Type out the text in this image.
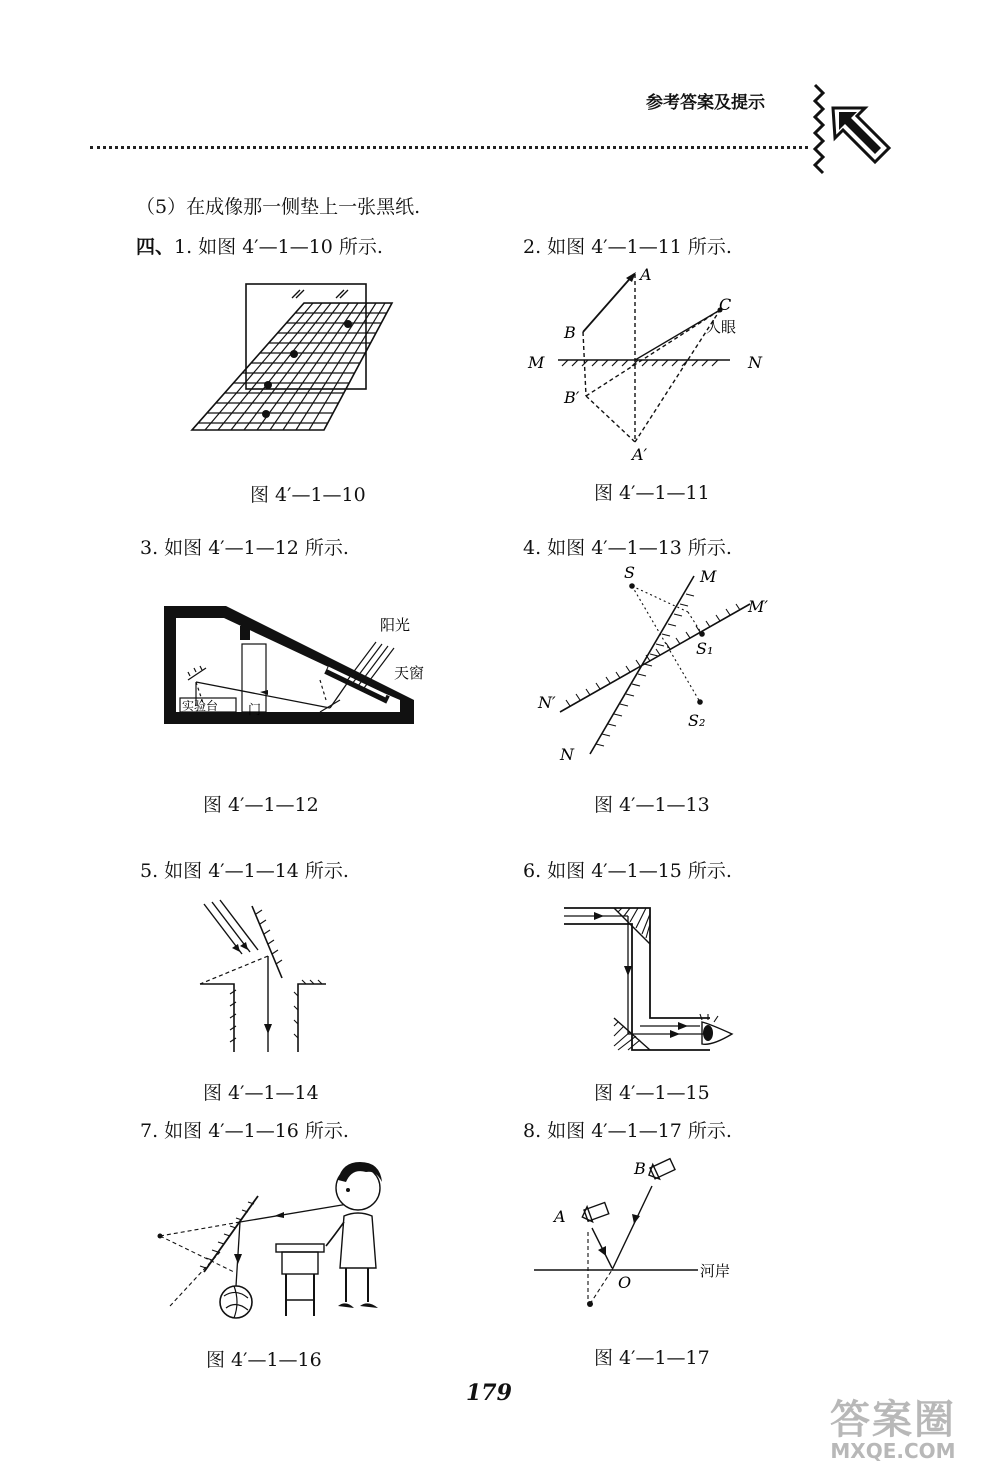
参考答案及提示
（5）在成像那一侧垫上一张黑纸.
四、1. 如图 4′—1—10 所示.	2. 如图 4′—1—11 所示.
3. 如图 4′—1—12 所示.	4. 如图 4′—1—13 所示.
5. 如图 4′—1—14 所示.	6. 如图 4′—1—15 所示.
7. 如图 4′—1—16 所示.	8. 如图 4′—1—17 所示.
图 4′—1—10	图 4′—1—11
图 4′—1—12	图 4′—1—13
图 4′—1—14	图 4′—1—15
图 4′—1—16	图 4′—1—17
A
B
C
人眼
M	N
B′
A′
阳光
天窗
门
实验台
S	M
M′
S₁
N′
S₂
N
B
A
O
河岸
179
答案圈
MXQE.COM
